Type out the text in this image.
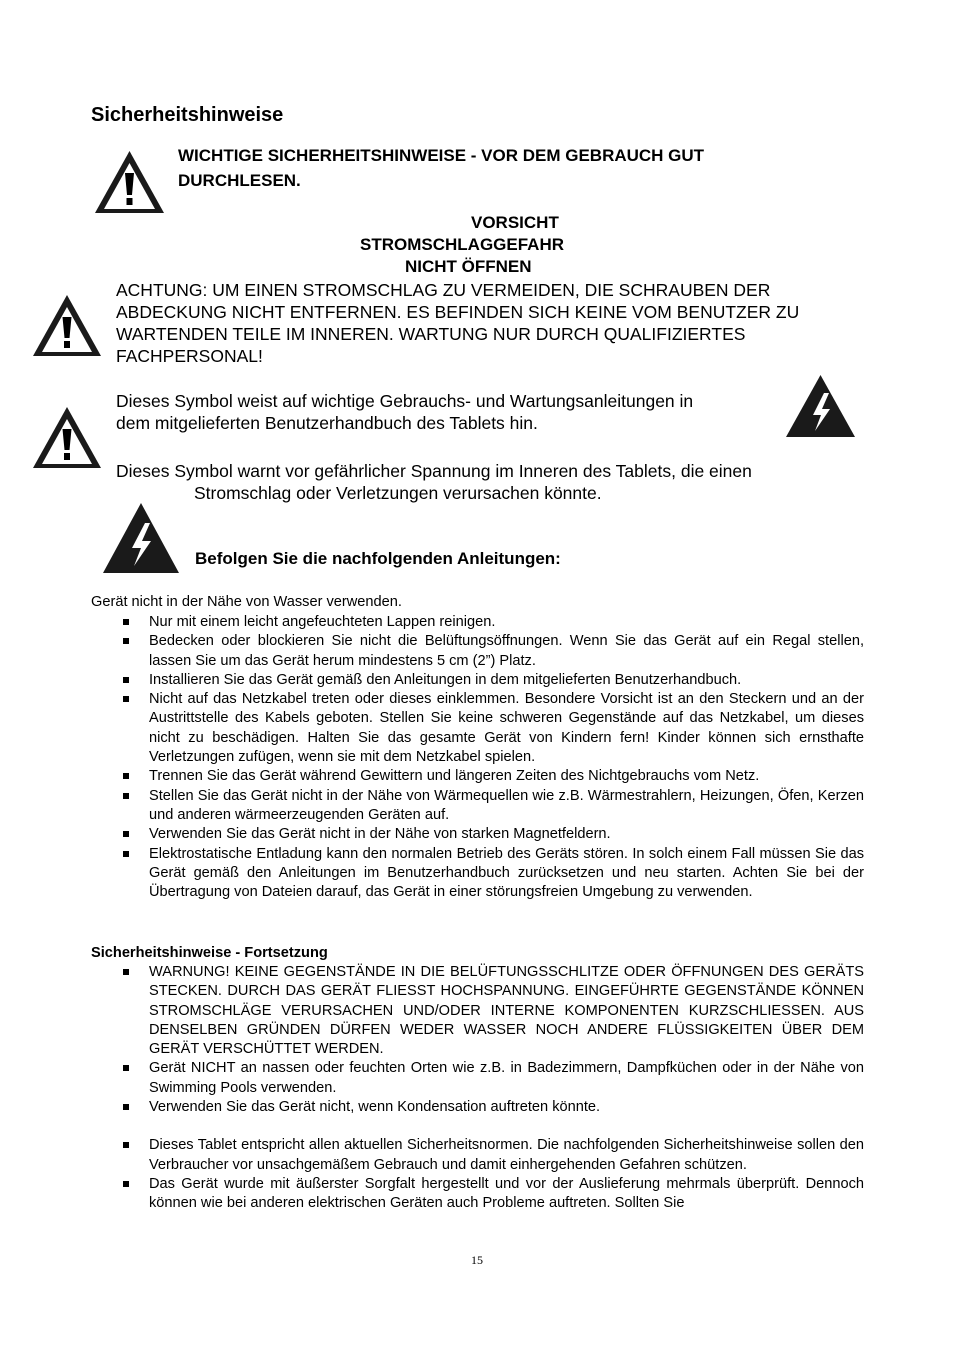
Sicherheitshinweise
WICHTIGE SICHERHEITSHINWEISE - VOR DEM GEBRAUCH GUT
DURCHLESEN.
VORSICHT
STROMSCHLAGGEFAHR
NICHT ÖFFNEN
ACHTUNG: UM EINEN STROMSCHLAG ZU VERMEIDEN, DIE SCHRAUBEN DER
ABDECKUNG NICHT ENTFERNEN. ES BEFINDEN SICH KEINE VOM BENUTZER ZU
WARTENDEN TEILE IM INNEREN. WARTUNG NUR DURCH QUALIFIZIERTES
FACHPERSONAL!
Dieses Symbol weist auf wichtige Gebrauchs- und Wartungsanleitungen in
dem mitgelieferten Benutzerhandbuch des Tablets hin.
Dieses Symbol warnt vor gefährlicher Spannung im Inneren des Tablets, die einen
Stromschlag oder Verletzungen verursachen könnte.
Befolgen Sie die nachfolgenden Anleitungen:
Gerät nicht in der Nähe von Wasser verwenden.
Nur mit einem leicht angefeuchteten Lappen reinigen.
Bedecken oder blockieren Sie nicht die Belüftungsöffnungen. Wenn Sie das Gerät auf ein Regal stellen, lassen Sie um das Gerät herum mindestens 5 cm (2”) Platz.
Installieren Sie das Gerät gemäß den Anleitungen in dem mitgelieferten Benutzerhandbuch.
Nicht auf das Netzkabel treten oder dieses einklemmen. Besondere Vorsicht ist an den Steckern und an der Austrittstelle des Kabels geboten. Stellen Sie keine schweren Gegenstände auf das Netzkabel, um dieses nicht zu beschädigen. Halten Sie das gesamte Gerät von Kindern fern! Kinder können sich ernsthafte Verletzungen zufügen, wenn sie mit dem Netzkabel spielen.
Trennen Sie das Gerät während Gewittern und längeren Zeiten des Nichtgebrauchs vom Netz.
Stellen Sie das Gerät nicht in der Nähe von Wärmequellen wie z.B. Wärmestrahlern, Heizungen, Öfen, Kerzen und anderen wärmeerzeugenden Geräten auf.
Verwenden Sie das Gerät nicht in der Nähe von starken Magnetfeldern.
Elektrostatische Entladung kann den normalen Betrieb des Geräts stören. In solch einem Fall müssen Sie das Gerät gemäß den Anleitungen im Benutzerhandbuch zurücksetzen und neu starten. Achten Sie bei der Übertragung von Dateien darauf, das Gerät in einer störungsfreien Umgebung zu verwenden.
Sicherheitshinweise - Fortsetzung
WARNUNG! KEINE GEGENSTÄNDE IN DIE BELÜFTUNGSSCHLITZE ODER ÖFFNUNGEN DES GERÄTS STECKEN. DURCH DAS GERÄT FLIESST HOCHSPANNUNG. EINGEFÜHRTE GEGENSTÄNDE KÖNNEN STROMSCHLÄGE VERURSACHEN UND/ODER INTERNE KOMPONENTEN KURZSCHLIESSEN. AUS DENSELBEN GRÜNDEN DÜRFEN WEDER WASSER NOCH ANDERE FLÜSSIGKEITEN ÜBER DEM GERÄT VERSCHÜTTET WERDEN.
Gerät NICHT an nassen oder feuchten Orten wie z.B. in Badezimmern, Dampfküchen oder in der Nähe von Swimming Pools verwenden.
Verwenden Sie das Gerät nicht, wenn Kondensation auftreten könnte.
Dieses Tablet entspricht allen aktuellen Sicherheitsnormen. Die nachfolgenden Sicherheitshinweise sollen den Verbraucher vor unsachgemäßem Gebrauch und damit einhergehenden Gefahren schützen.
Das Gerät wurde mit äußerster Sorgfalt hergestellt und vor der Auslieferung mehrmals überprüft. Dennoch können wie bei anderen elektrischen Geräten auch Probleme auftreten. Sollten Sie
15
